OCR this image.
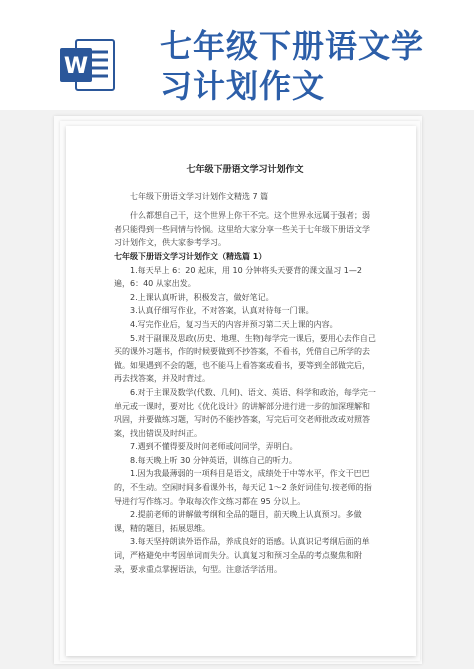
W
七年级下册语文学
习计划作文
七年级下册语文学习计划作文

七年级下册语文学习计划作文精选 7 篇

什么都想自己干，这个世界上你干不完。这个世界永远属于强者；弱者只能得到一些同情与怜悯。这里给大家分享一些关于七年级下册语文学习计划作文，供大家参考学习。

七年级下册语文学习计划作文（精选篇 1）

1.每天早上 6：20 起床，用 10 分钟将头天要背的课文温习 1—2 遍，6：40 从家出发。

2.上课认真听讲，积极发言，做好笔记。

3.认真仔细写作业，不对答案，认真对待每一门课。

4.写完作业后，复习当天的内容并预习第二天上课的内容。

5.对于副课及思政(历史、地理、生物)每学完一课后，要用心去作自己买的课外习题书，作的时候要做到不抄答案，不看书，凭借自己所学的去做。如果遇到不会的题，也不能马上看答案或看书，要等到全部做完后，再去找答案，并及时背过。

6.对于主课及数学(代数、几何)、语文、英语、科学和政治，每学完一单元或一课时，要对比《优化设计》的讲解部分进行进一步的加深理解和巩固，并要做练习题，写时仍不能抄答案，写完后可交老师批改或对照答案，找出错误及时纠正。

7.遇到不懂得要及时问老师或问同学，弄明白。

8.每天晚上听 30 分钟英语，训练自己的听力。

1.因为我最薄弱的一项科目是语文，成绩处于中等水平，作文干巴巴的，不生动。空闲时间多看课外书，每天记 1～2 条好词佳句.按老师的指导进行写作练习。争取每次作文练习都在 95 分以上。

2.提前老师的讲解做考纲和全品的题目，前天晚上认真预习。多做课，精的题目，拓展思维。

3.每天坚持朗读外语作品，养成良好的语感。认真识记考纲后面的单词，严格避免中考因单词而失分。认真复习和预习全品的考点聚焦和附录，要求重点掌握语法，句型。注意活学活用。
